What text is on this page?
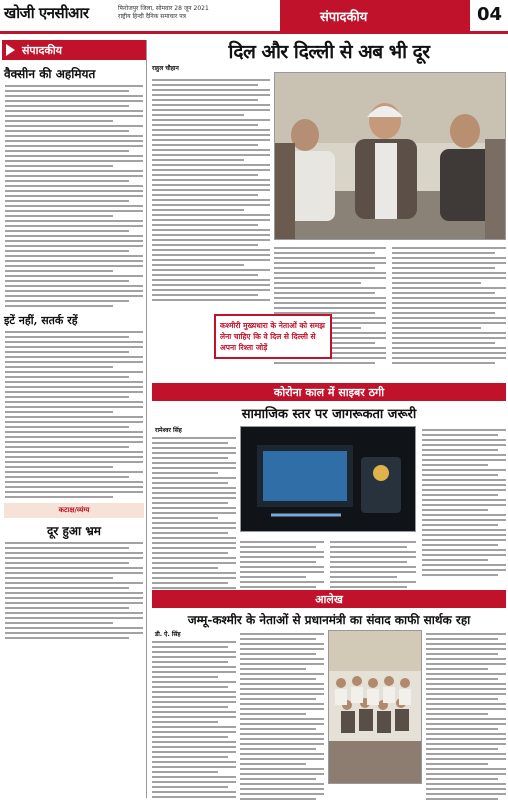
खोजी एनसीआर	फिरोजपुर जिला, सोमवार 28 जून 2021
राष्ट्रीय हिन्दी दैनिक समाचार पत्र	संपादकीय	04
संपादकीय
वैक्सीन की अहमियत
इटें नहीं, सतर्क रहें
कटाक्ष/व्यंग्य
दूर हुआ भ्रम
दिल और दिल्ली से अब भी दूर
राहुल चौहान
कश्मीरी मुख्यधारा के नेताओं को समझ लेना चाहिए कि वे दिल से दिल्ली से अपना रिश्ता जोड़ें
कोरोना काल में साइबर ठगी
सामाजिक स्तर पर जागरूकता जरूरी
रामेश्वर सिंह
आलेख
जम्मू-कश्मीर के नेताओं से प्रधानमंत्री का संवाद काफी सार्थक रहा
डी. ऐ. सिंह
